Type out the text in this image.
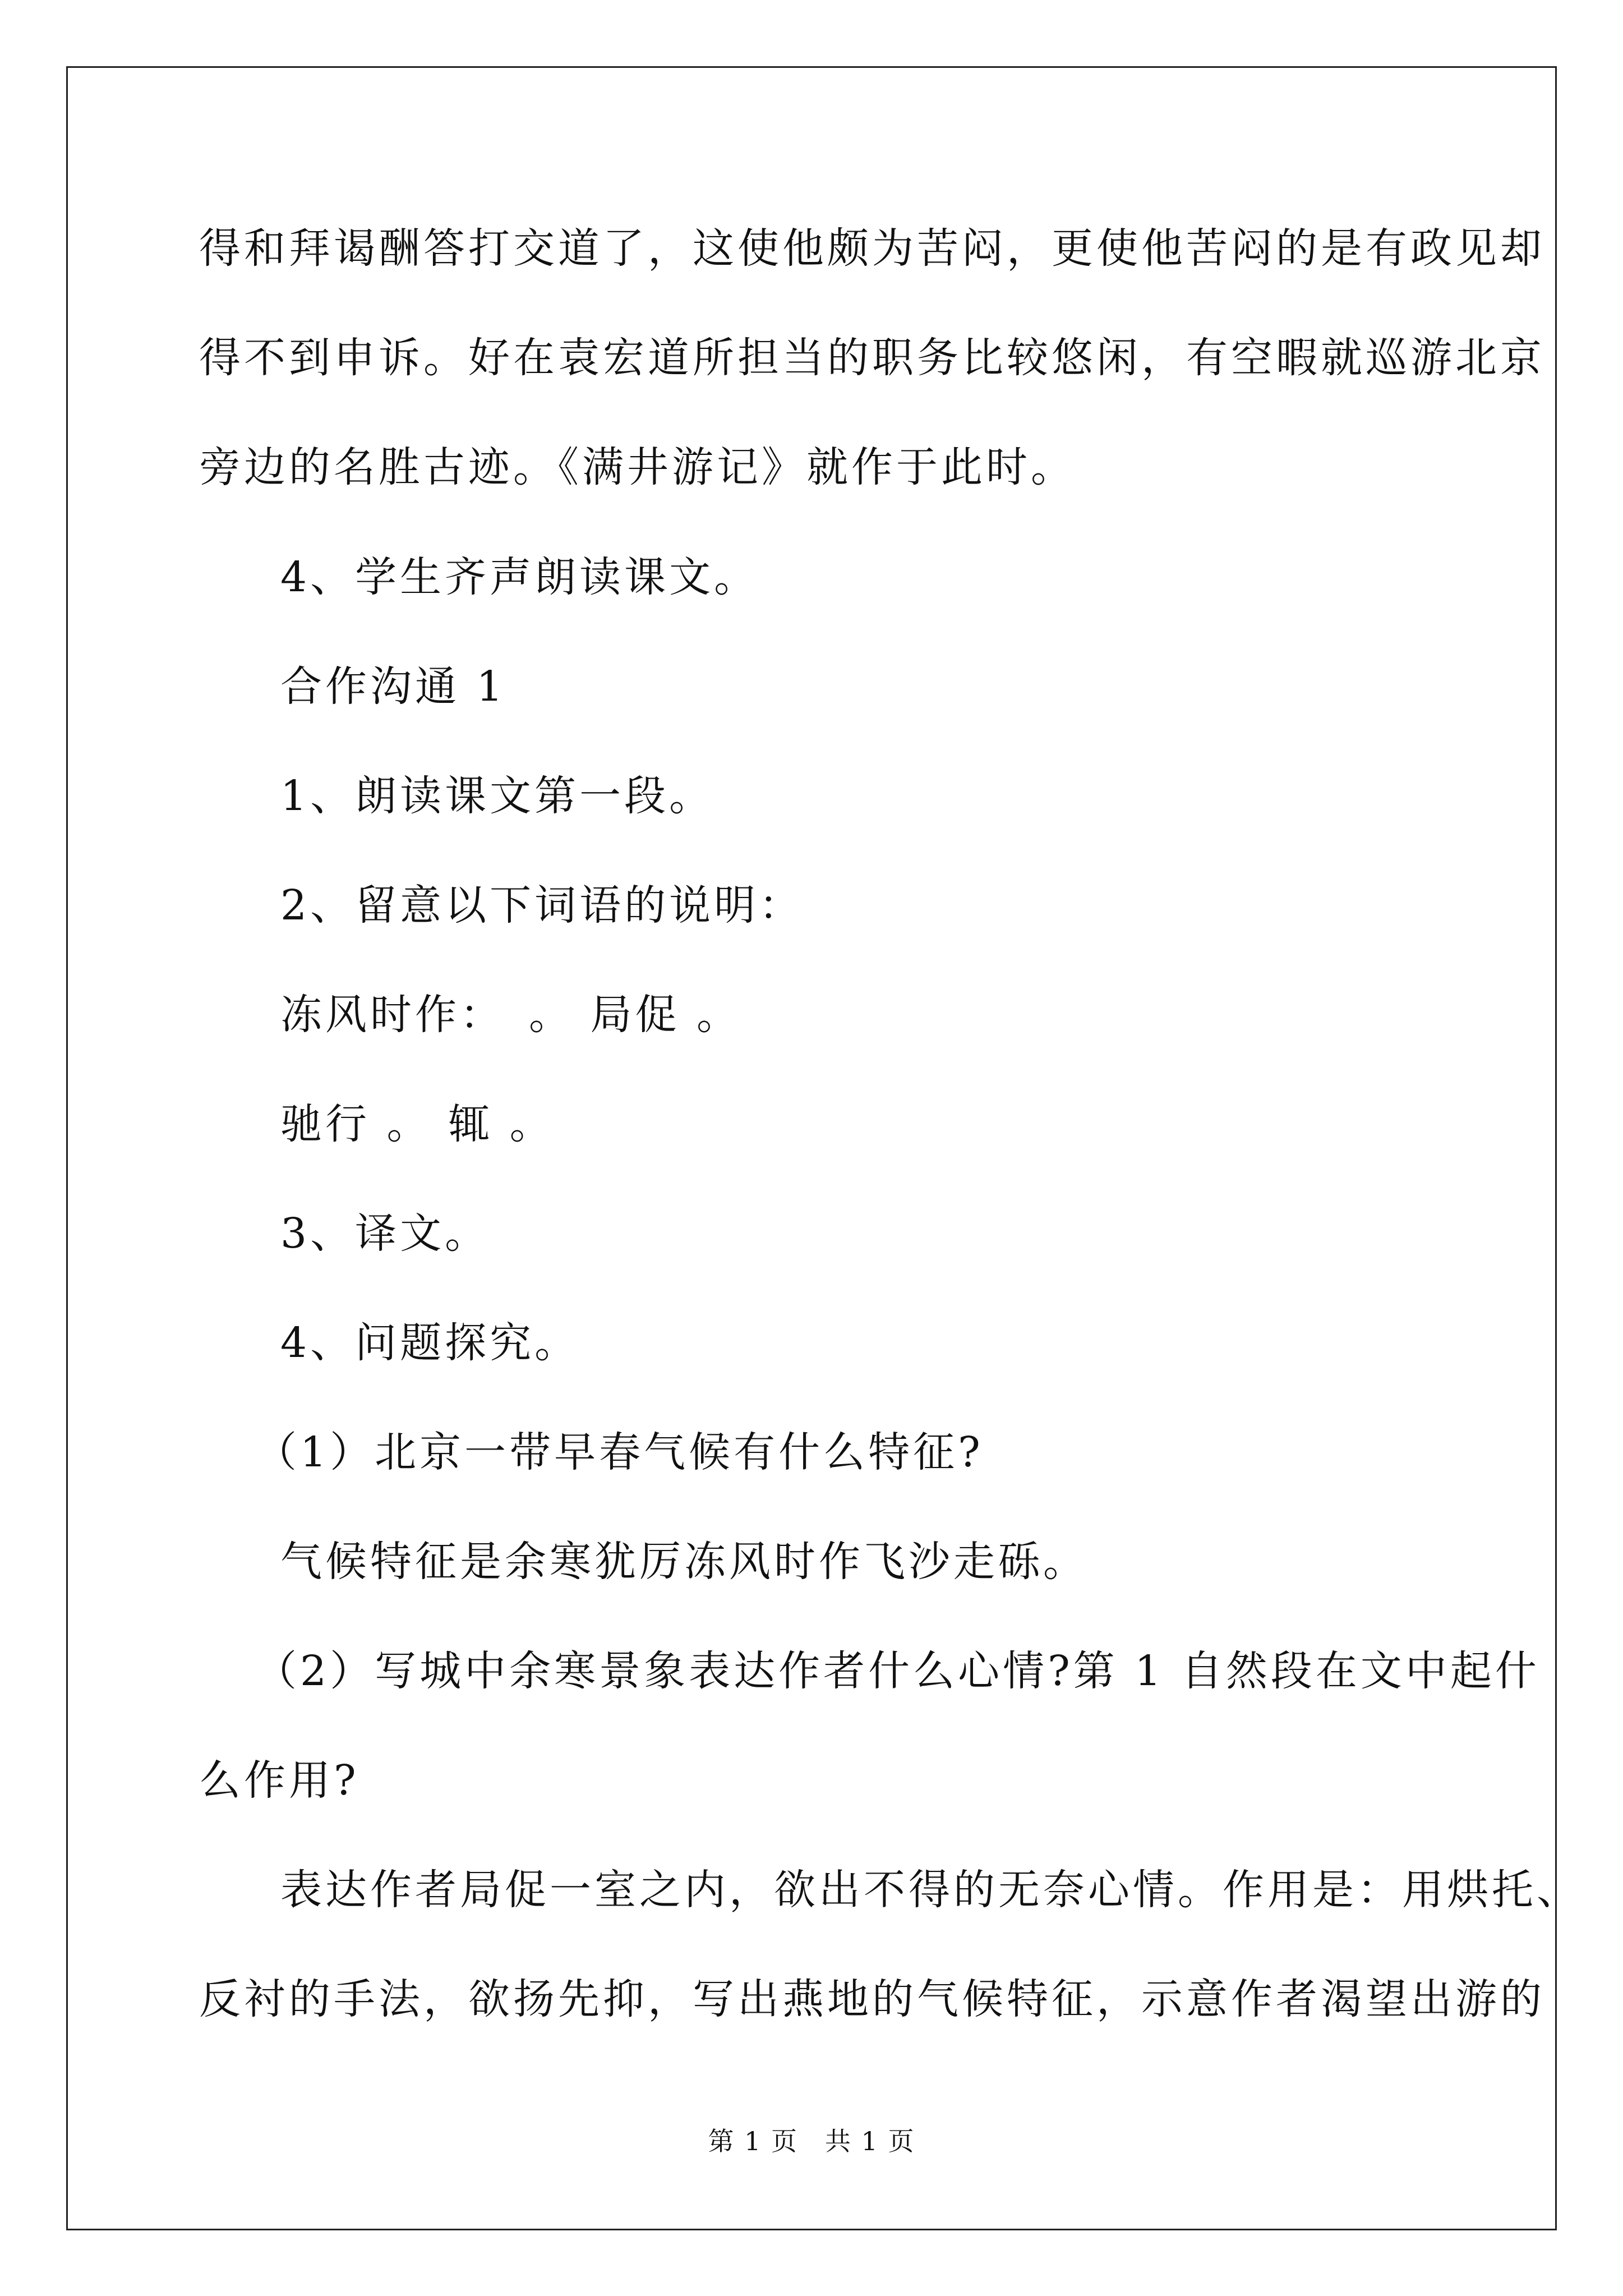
得和拜谒酬答打交道了，这使他颇为苦闷，更使他苦闷的是有政见却
得不到申诉。好在袁宏道所担当的职务比较悠闲，有空暇就巡游北京
旁边的名胜古迹。《满井游记》就作于此时。
4、学生齐声朗读课文。
合作沟通 1
1、朗读课文第一段。
2、留意以下词语的说明：
冻风时作：　。 局促 。
驰行 。 辄 。
3、译文。
4、问题探究。
（1）北京一带早春气候有什么特征?
气候特征是余寒犹厉冻风时作飞沙走砾。
（2）写城中余寒景象表达作者什么心情?第 1 自然段在文中起什
么作用?
表达作者局促一室之内，欲出不得的无奈心情。作用是：用烘托、
反衬的手法，欲扬先抑，写出燕地的气候特征，示意作者渴望出游的
第 1 页　共 1 页
